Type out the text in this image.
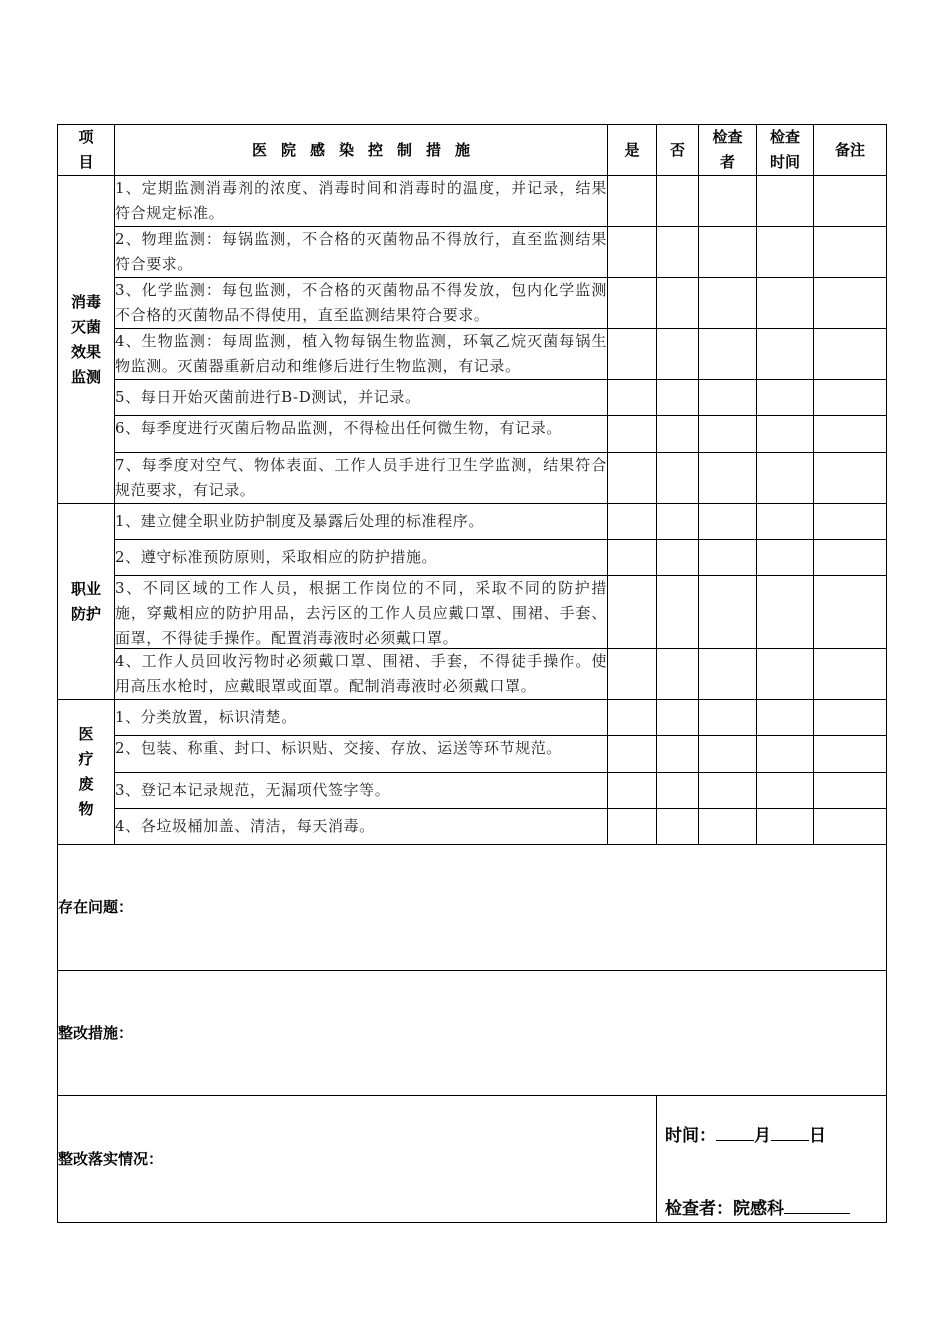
项目	医院感染控制措施	是	否	检查者	检查时间	备注
消毒灭菌效果监测	1、定期监测消毒剂的浓度、消毒时间和消毒时的温度，并记录，结果符合规定标准。					

	2、物理监测：每锅监测，不合格的灭菌物品不得放行，直至监测结果符合要求。					

	3、化学监测：每包监测，不合格的灭菌物品不得发放，包内化学监测不合格的灭菌物品不得使用，直至监测结果符合要求。					

	4、生物监测：每周监测，植入物每锅生物监测，环氧乙烷灭菌每锅生物监测。灭菌器重新启动和维修后进行生物监测，有记录。					

	5、每日开始灭菌前进行B-D测试，并记录。					

	6、每季度进行灭菌后物品监测，不得检出任何微生物，有记录。					

	7、每季度对空气、物体表面、工作人员手进行卫生学监测，结果符合规范要求，有记录。					

职业防护	1、建立健全职业防护制度及暴露后处理的标准程序。					

	2、遵守标准预防原则，采取相应的防护措施。					

	3、不同区域的工作人员，根据工作岗位的不同，采取不同的防护措施，穿戴相应的防护用品，去污区的工作人员应戴口罩、围裙、手套、面罩，不得徒手操作。配置消毒液时必须戴口罩。					

	4、工作人员回收污物时必须戴口罩、围裙、手套，不得徒手操作。使用高压水枪时，应戴眼罩或面罩。配制消毒液时必须戴口罩。					

医疗废物	1、分类放置，标识清楚。					

	2、包装、称重、封口、标识贴、交接、存放、运送等环节规范。					

	3、登记本记录规范，无漏项代签字等。					

	4、各垃圾桶加盖、清洁，每天消毒。					

存在问题：						
整改措施：						
整改落实情况：			时间： 月 日
检查者：院感科			
